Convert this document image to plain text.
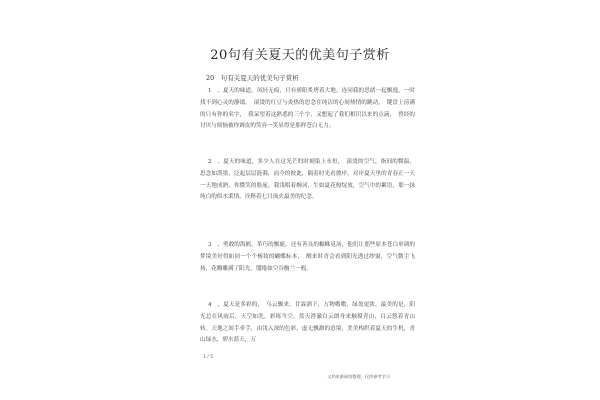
20句有关夏天的优美句子赏析
20　句有关夏天的优美句子赏析

1　、夏天的味道，风轻无痕，只有骄阳炙烤着大地，连同我的思绪一起飘逸，一时找不到心灵的静谧。　滚烫的红豆与炎热的思念在纯洁的心间热情的跳动，　键盘上滂满的只有你的名字，　我呆望着这熟悉的三个字，又想起了我们相识以来的点滴，　曾经的讨厌与烦恼被你调皮的笑容一笑显得是那样苍白无力。

2　、夏天的味道，多少人在这光芒的时刻染上永恒，　滚烫的空气，指间的微温，思念如泼墨，泛起层层涟漪，而今的彼此，隔着时光看彼岸，对岸夏天里的青春正一天一天地成熟，你微笑的脸庞，我浅唱着婉词，生如夏花般绽放，空气中的絮语，那一抹纯白的似水柔情，诠释着七月流火最美的纪念。

3　、勇敢的海鸥，革巧的飘鹿，还有善良的蜘蛛觅汤，他们让那些原本苍白单调的梦境美好得如同一个个梳妆的蝴蝶标本，　醒来时青会看到阳光透过纱窗，空气微尘飞扬，花瓣雕满了阳光，缱绻如空谷幽兰一般。

4　、夏天是多彩的，　乌云飘来，甘霖洒下，万物嗷嗷，绿盈更浓，最美的是，阳光总在风雨后，天空如洗，彩练当空，蓝天澄澈白云朗身来触摸青山，白云悠着青山转，天地之间手牵手，由浅入深的色彩，虚无飘渺的意境，美美构织着夏天的生机，青山绿水，碧水蓝天，万

1 / 5
文档来源网络整理，仅供参考学习
